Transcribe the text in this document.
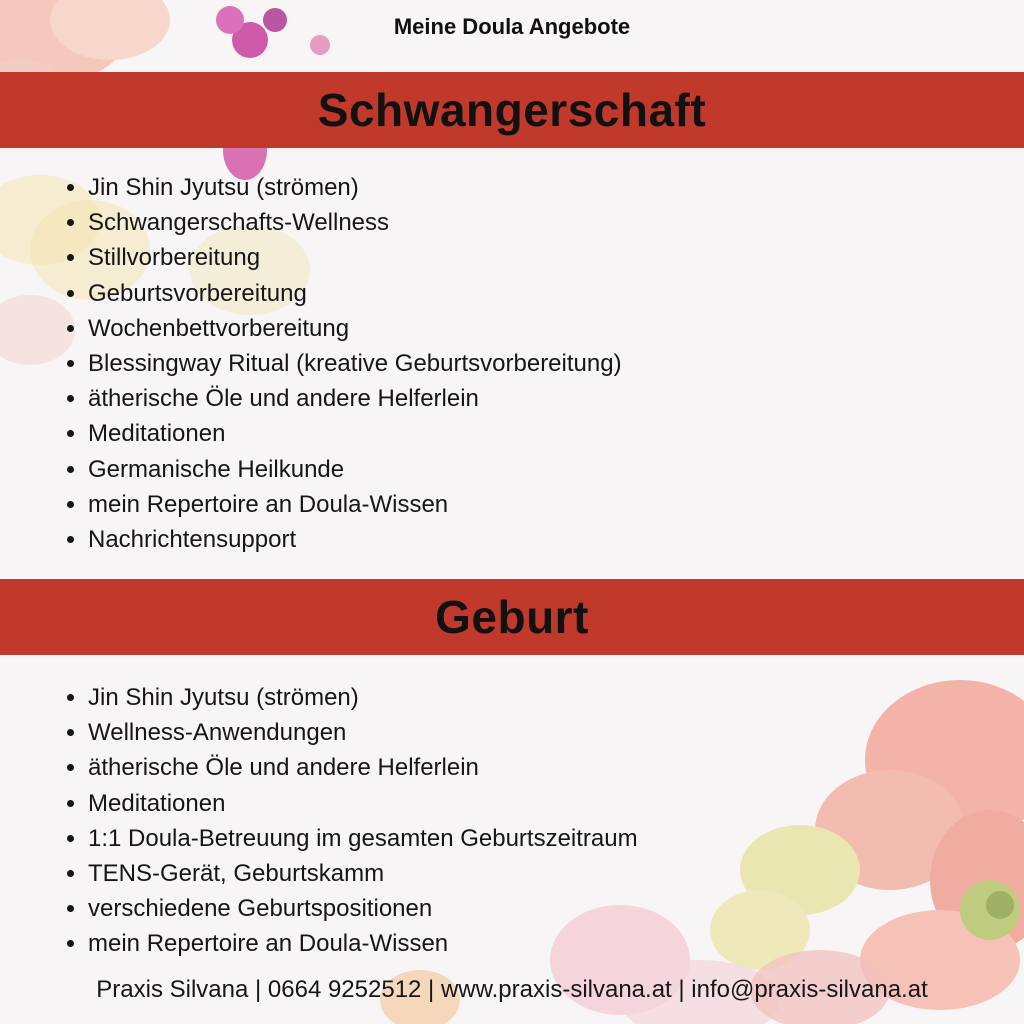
Meine Doula Angebote
Schwangerschaft
• Jin Shin Jyutsu (strömen)
• Schwangerschafts-Wellness
• Stillvorbereitung
• Geburtsvorbereitung
• Wochenbettvorbereitung
• Blessingway Ritual (kreative Geburtsvorbereitung)
• ätherische Öle und andere Helferlein
• Meditationen
• Germanische Heilkunde
• mein Repertoire an Doula-Wissen
• Nachrichtensupport
Geburt
• Jin Shin Jyutsu (strömen)
• Wellness-Anwendungen
• ätherische Öle und andere Helferlein
• Meditationen
• 1:1 Doula-Betreuung im gesamten Geburtszeitraum
• TENS-Gerät, Geburtskamm
• verschiedene Geburtspositionen
• mein Repertoire an Doula-Wissen
Praxis Silvana | 0664 9252512 | www.praxis-silvana.at | info@praxis-silvana.at
